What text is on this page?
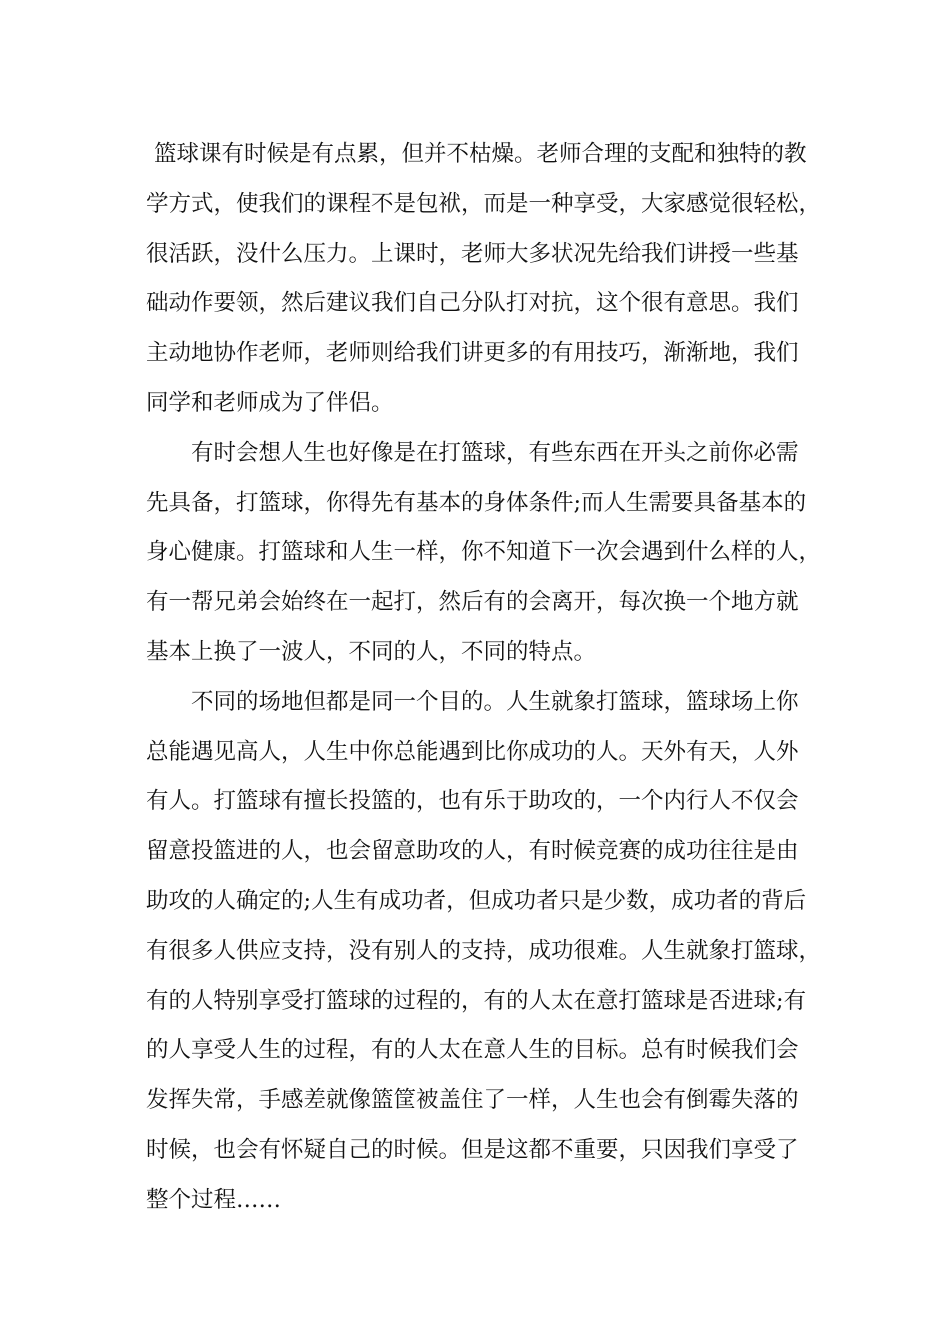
篮球课有时候是有点累，但并不枯燥。老师合理的支配和独特的教
学方式，使我们的课程不是包袱，而是一种享受，大家感觉很轻松，
很活跃，没什么压力。上课时，老师大多状况先给我们讲授一些基
础动作要领，然后建议我们自己分队打对抗，这个很有意思。我们
主动地协作老师，老师则给我们讲更多的有用技巧，渐渐地，我们
同学和老师成为了伴侣。
有时会想人生也好像是在打篮球，有些东西在开头之前你必需
先具备，打篮球，你得先有基本的身体条件;而人生需要具备基本的
身心健康。打篮球和人生一样，你不知道下一次会遇到什么样的人，
有一帮兄弟会始终在一起打，然后有的会离开，每次换一个地方就
基本上换了一波人，不同的人，不同的特点。
不同的场地但都是同一个目的。人生就象打篮球，篮球场上你
总能遇见高人，人生中你总能遇到比你成功的人。天外有天，人外
有人。打篮球有擅长投篮的，也有乐于助攻的，一个内行人不仅会
留意投篮进的人，也会留意助攻的人，有时候竞赛的成功往往是由
助攻的人确定的;人生有成功者，但成功者只是少数，成功者的背后
有很多人供应支持，没有别人的支持，成功很难。人生就象打篮球，
有的人特别享受打篮球的过程的，有的人太在意打篮球是否进球;有
的人享受人生的过程，有的人太在意人生的目标。总有时候我们会
发挥失常，手感差就像篮筐被盖住了一样，人生也会有倒霉失落的
时候，也会有怀疑自己的时候。但是这都不重要，只因我们享受了
整个过程……
